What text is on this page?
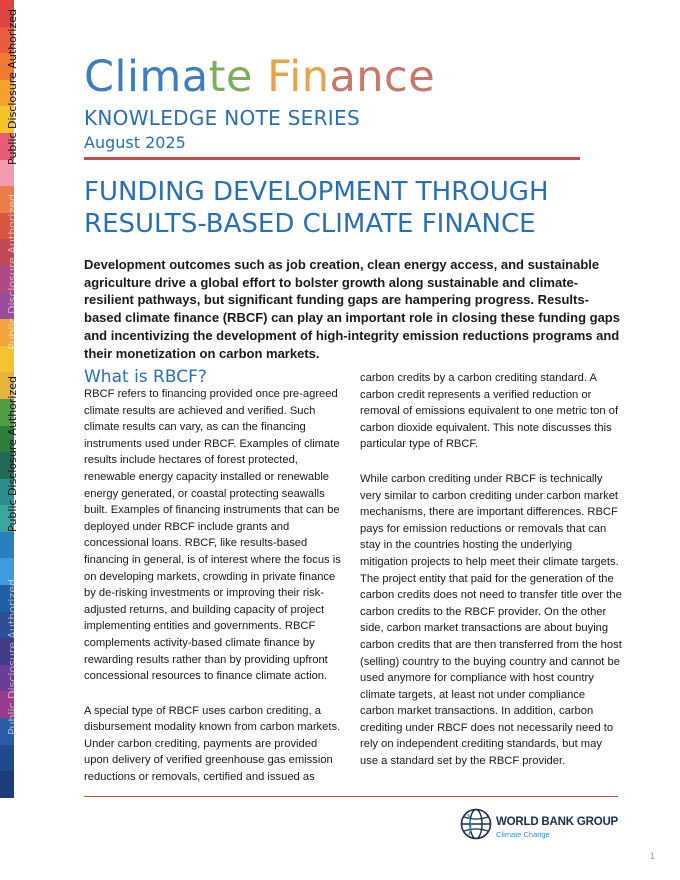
Public Disclosure Authorized
Public Disclosure Authorized
Public Disclosure Authorized
Public Disclosure Authorized
Climate Finance
KNOWLEDGE NOTE SERIES
August 2025
FUNDING DEVELOPMENT THROUGH
RESULTS-BASED CLIMATE FINANCE

Development outcomes such as job creation, clean energy access, and sustainable agriculture drive a global effort to bolster growth along sustainable and climate-resilient pathways, but significant funding gaps are hampering progress. Results-based climate finance (RBCF) can play an important role in closing these funding gaps and incentivizing the development of high-integrity emission reductions programs and their monetization on carbon markets.

What is RBCF?

RBCF refers to financing provided once pre-agreed climate results are achieved and verified. Such climate results can vary, as can the financing instruments used under RBCF. Examples of climate results include hectares of forest protected, renewable energy capacity installed or renewable energy generated, or coastal protecting seawalls built. Examples of financing instruments that can be deployed under RBCF include grants and concessional loans. RBCF, like results-based financing in general, is of interest where the focus is on developing markets, crowding in private finance by de-risking investments or improving their risk-adjusted returns, and building capacity of project implementing entities and governments. RBCF complements activity-based climate finance by rewarding results rather than by providing upfront concessional resources to finance climate action.

A special type of RBCF uses carbon crediting, a disbursement modality known from carbon markets. Under carbon crediting, payments are provided upon delivery of verified greenhouse gas emission reductions or removals, certified and issued as

carbon credits by a carbon crediting standard. A carbon credit represents a verified reduction or removal of emissions equivalent to one metric ton of carbon dioxide equivalent. This note discusses this particular type of RBCF.

While carbon crediting under RBCF is technically very similar to carbon crediting under carbon market mechanisms, there are important differences. RBCF pays for emission reductions or removals that can stay in the countries hosting the underlying mitigation projects to help meet their climate targets. The project entity that paid for the generation of the carbon credits does not need to transfer title over the carbon credits to the RBCF provider. On the other side, carbon market transactions are about buying carbon credits that are then transferred from the host (selling) country to the buying country and cannot be used anymore for compliance with host country climate targets, at least not under compliance carbon market transactions. In addition, carbon crediting under RBCF does not necessarily need to rely on independent crediting standards, but may use a standard set by the RBCF provider.

WORLD BANK GROUP
Climate Change
1
